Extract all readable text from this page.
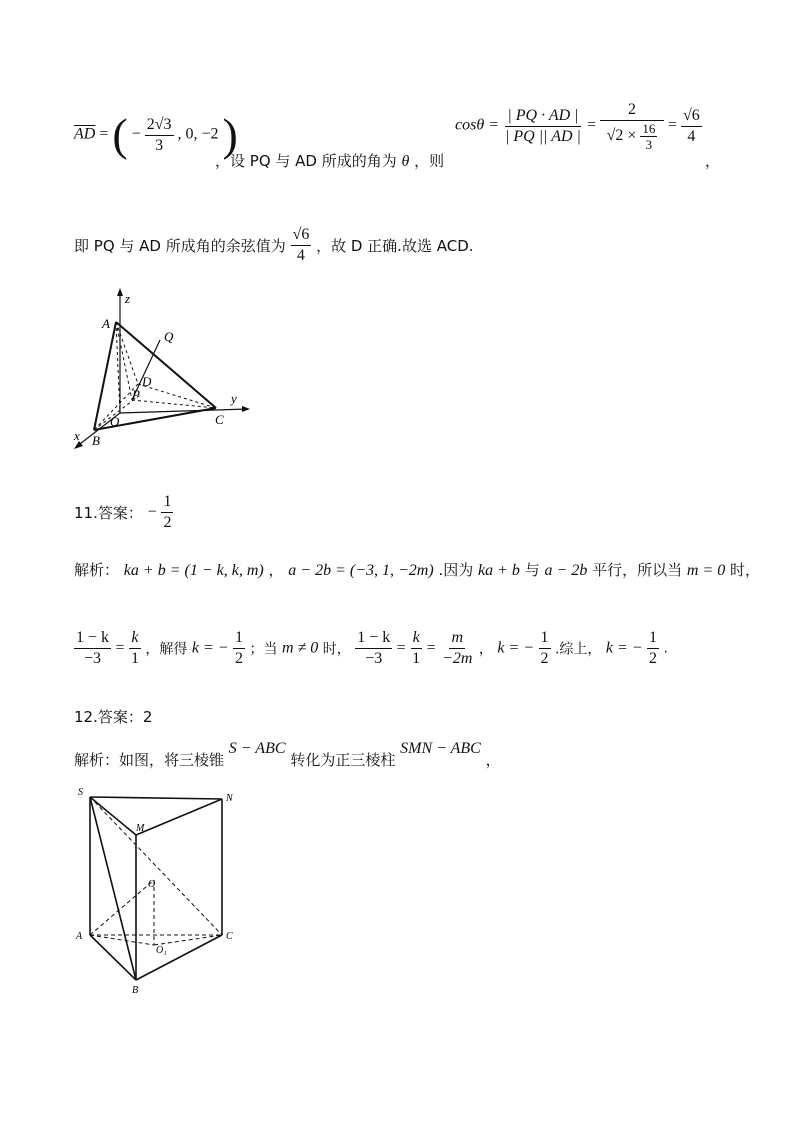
$\overline{AD}$ = ( − $\frac{2√3}{3}$ , 0, −2 )
，设 PQ 与 AD 所成的角为 θ ，则
$\cos\theta = \frac{| PQ \cdot AD |}{| PQ || AD |} = \frac{2}{√2 \times \frac{16}{3}} = \frac{√6}{4}$
，
即 PQ 与 AD 所成角的余弦值为 $\frac{√6}{4}$ ，故 D 正确.故选 ACD.
z
A
Q
D
P
O	C
y
x B
11.答案： − $\frac{1}{2}$
解析： ka + b = (1 − k, k, m) ， a − 2b = (−3, 1, −2m) .因为 ka + b 与 a − 2b 平行，所以当 m = 0 时，
$\frac{1 - k}{-3} = \frac{k}{1}$ ，解得 k = − $\frac{1}{2}$ ；当 m ≠ 0 时， $\frac{1 - k}{-3} = \frac{k}{1} = \frac{m}{-2m}$ ， k = − $\frac{1}{2}$ .综上， k = − $\frac{1}{2}$ .
12.答案：2
解析：如图，将三棱锥 S − ABC 转化为正三棱柱 SMN − ABC ，
S
N
M
O
A	C
O₁
B
